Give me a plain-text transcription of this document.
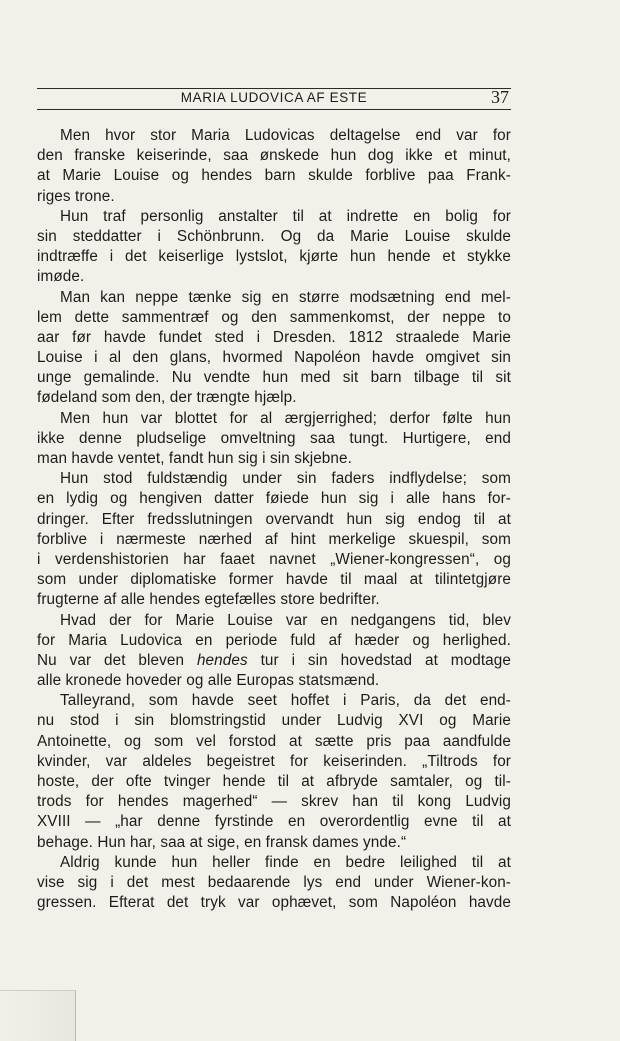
MARIA LUDOVICA AF ESTE	37
Men hvor stor Maria Ludovicas deltagelse end var for
den franske keiserinde, saa ønskede hun dog ikke et minut,
at Marie Louise og hendes barn skulde forblive paa Frank-
riges trone.
Hun traf personlig anstalter til at indrette en bolig for
sin steddatter i Schönbrunn. Og da Marie Louise skulde
indtræffe i det keiserlige lystslot, kjørte hun hende et stykke
imøde.
Man kan neppe tænke sig en større modsætning end mel-
lem dette sammentræf og den sammenkomst, der neppe to
aar før havde fundet sted i Dresden. 1812 straalede Marie
Louise i al den glans, hvormed Napoléon havde omgivet sin
unge gemalinde. Nu vendte hun med sit barn tilbage til sit
fødeland som den, der trængte hjælp.
Men hun var blottet for al ærgjerrighed; derfor følte hun
ikke denne pludselige omveltning saa tungt. Hurtigere, end
man havde ventet, fandt hun sig i sin skjebne.
Hun stod fuldstændig under sin faders indflydelse; som
en lydig og hengiven datter føiede hun sig i alle hans for-
dringer. Efter fredsslutningen overvandt hun sig endog til at
forblive i nærmeste nærhed af hint merkelige skuespil, som
i verdenshistorien har faaet navnet „Wiener-kongressen“, og
som under diplomatiske former havde til maal at tilintetgjøre
frugterne af alle hendes egtefælles store bedrifter.
Hvad der for Marie Louise var en nedgangens tid, blev
for Maria Ludovica en periode fuld af hæder og herlighed.
Nu var det bleven hendes tur i sin hovedstad at modtage
alle kronede hoveder og alle Europas statsmænd.
Talleyrand, som havde seet hoffet i Paris, da det end-
nu stod i sin blomstringstid under Ludvig XVI og Marie
Antoinette, og som vel forstod at sætte pris paa aandfulde
kvinder, var aldeles begeistret for keiserinden. „Tiltrods for
hoste, der ofte tvinger hende til at afbryde samtaler, og til-
trods for hendes magerhed“ — skrev han til kong Ludvig
XVIII — „har denne fyrstinde en overordentlig evne til at
behage. Hun har, saa at sige, en fransk dames ynde.“
Aldrig kunde hun heller finde en bedre leilighed til at
vise sig i det mest bedaarende lys end under Wiener-kon-
gressen. Efterat det tryk var ophævet, som Napoléon havde
